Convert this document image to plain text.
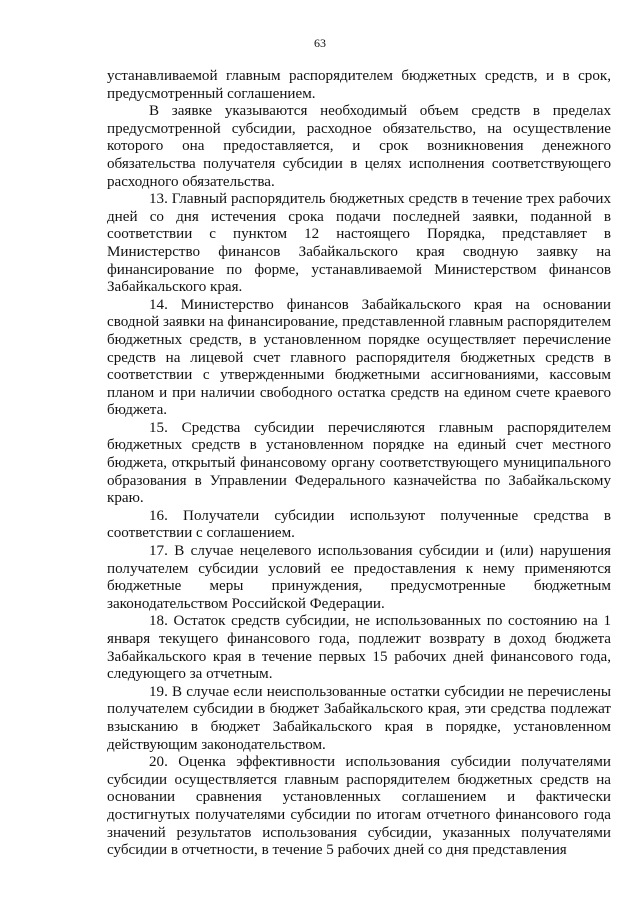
63

устанавливаемой главным распорядителем бюджетных средств, и в срок, предусмотренный соглашением.

В заявке указываются необходимый объем средств в пределах предусмотренной субсидии, расходное обязательство, на осуществление которого она предоставляется, и срок возникновения денежного обязательства получателя субсидии в целях исполнения соответствующего расходного обязательства.

13. Главный распорядитель бюджетных средств в течение трех рабочих дней со дня истечения срока подачи последней заявки, поданной в соответствии с пунктом 12 настоящего Порядка, представляет в Министерство финансов Забайкальского края сводную заявку на финансирование по форме, устанавливаемой Министерством финансов Забайкальского края.

14. Министерство финансов Забайкальского края на основании сводной заявки на финансирование, представленной главным распорядителем бюджетных средств, в установленном порядке осуществляет перечисление средств на лицевой счет главного распорядителя бюджетных средств в соответствии с утвержденными бюджетными ассигнованиями, кассовым планом и при наличии свободного остатка средств на едином счете краевого бюджета.

15. Средства субсидии перечисляются главным распорядителем бюджетных средств в установленном порядке на единый счет местного бюджета, открытый финансовому органу соответствующего муниципального образования в Управлении Федерального казначейства по Забайкальскому краю.

16. Получатели субсидии используют полученные средства в соответствии с соглашением.

17. В случае нецелевого использования субсидии и (или) нарушения получателем субсидии условий ее предоставления к нему применяются бюджетные меры принуждения, предусмотренные бюджетным законодательством Российской Федерации.

18. Остаток средств субсидии, не использованных по состоянию на 1 января текущего финансового года, подлежит возврату в доход бюджета Забайкальского края в течение первых 15 рабочих дней финансового года, следующего за отчетным.

19. В случае если неиспользованные остатки субсидии не перечислены получателем субсидии в бюджет Забайкальского края, эти средства подлежат взысканию в бюджет Забайкальского края в порядке, установленном действующим законодательством.

20. Оценка эффективности использования субсидии получателями субсидии осуществляется главным распорядителем бюджетных средств на основании сравнения установленных соглашением и фактически достигнутых получателями субсидии по итогам отчетного финансового года значений результатов использования субсидии, указанных получателями субсидии в отчетности, в течение 5 рабочих дней со дня представления
